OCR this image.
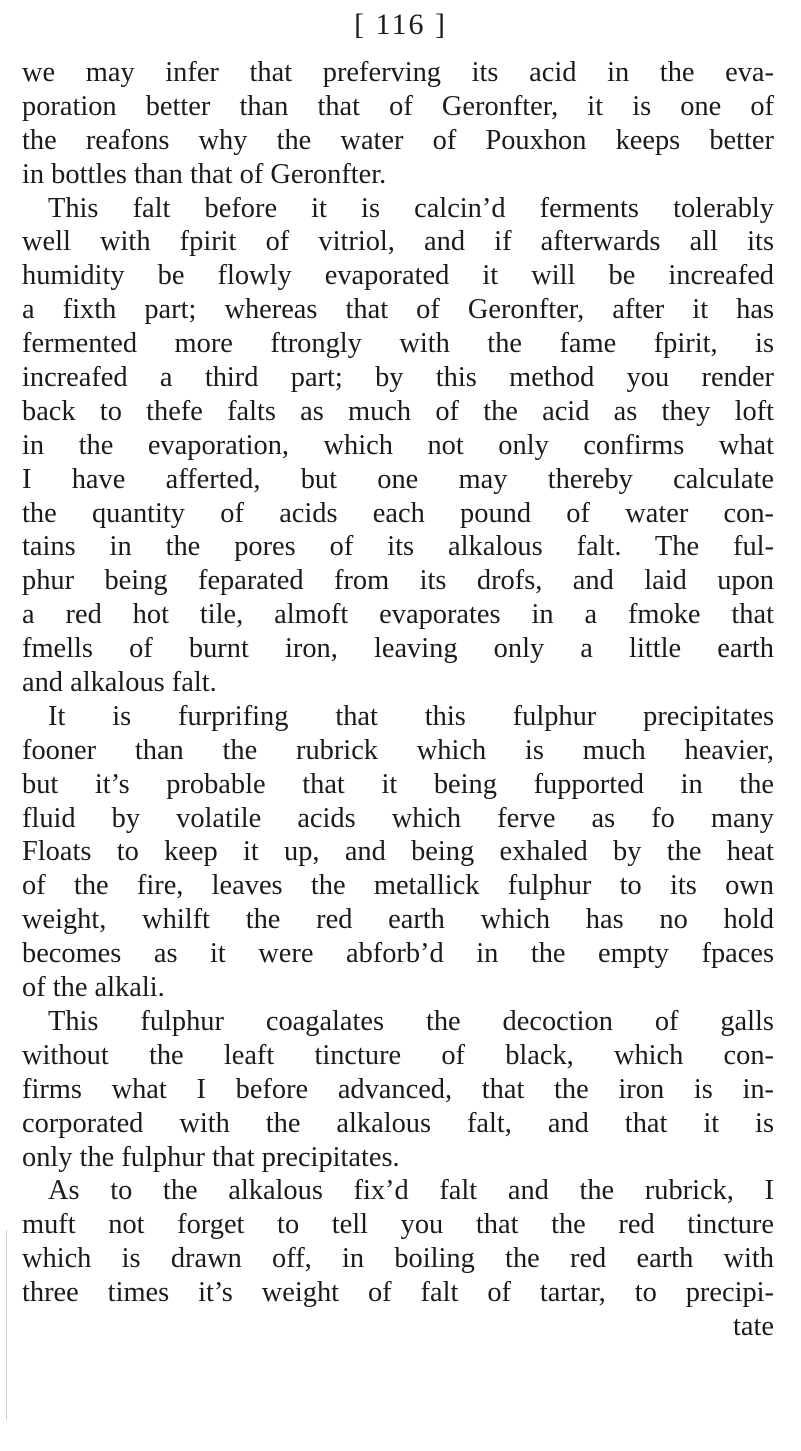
[ 116 ]
we may infer that preferving its acid in the eva-
poration better than that of Geronfter, it is one of
the reafons why the water of Pouxhon keeps better
in bottles than that of Geronfter.
This falt before it is calcin’d ferments tolerably
well with fpirit of vitriol, and if afterwards all its
humidity be flowly evaporated it will be increafed
a fixth part; whereas that of Geronfter, after it has
fermented more ftrongly with the fame fpirit, is
increafed a third part; by this method you render
back to thefe falts as much of the acid as they loft
in the evaporation, which not only confirms what
I have afferted, but one may thereby calculate
the quantity of acids each pound of water con-
tains in the pores of its alkalous falt. The ful-
phur being feparated from its drofs, and laid upon
a red hot tile, almoft evaporates in a fmoke that
fmells of burnt iron, leaving only a little earth
and alkalous falt.
It is furprifing that this fulphur precipitates
fooner than the rubrick which is much heavier,
but it’s probable that it being fupported in the
fluid by volatile acids which ferve as fo many
Floats to keep it up, and being exhaled by the heat
of the fire, leaves the metallick fulphur to its own
weight, whilft the red earth which has no hold
becomes as it were abforb’d in the empty fpaces
of the alkali.
This fulphur coagalates the decoction of galls
without the leaft tincture of black, which con-
firms what I before advanced, that the iron is in-
corporated with the alkalous falt, and that it is
only the fulphur that precipitates.
As to the alkalous fix’d falt and the rubrick, I
muft not forget to tell you that the red tincture
which is drawn off, in boiling the red earth with
three times it’s weight of falt of tartar, to precipi-
tate
